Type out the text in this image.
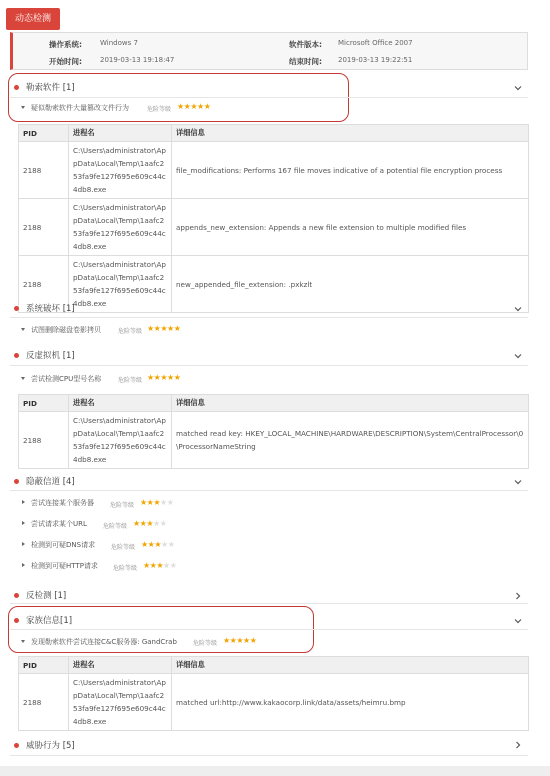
动态检测
操作系统:	Windows 7	软件版本: Microsoft Office 2007
开始时间:	2019-03-13 19:18:47	结束时间: 2019-03-13 19:22:51
勒索软件 [1]
疑似勒索软件大量篡改文件行为	危险等级 ★★★★★
PID	进程名	详细信息
2188	C:\Users\administrator\AppData\Local\Temp\1aafc253fa9fe127f695e609c44c4db8.exe	file_modifications: Performs 167 file moves indicative of a potential file encryption process
2188	C:\Users\administrator\AppData\Local\Temp\1aafc253fa9fe127f695e609c44c4db8.exe	appends_new_extension: Appends a new file extension to multiple modified files
2188	C:\Users\administrator\AppData\Local\Temp\1aafc253fa9fe127f695e609c44c4db8.exe	new_appended_file_extension: .pxkzlt
系统破坏 [1]
试图删除磁盘卷影拷贝	危险等级 ★★★★★
反虚拟机 [1]
尝试检测CPU型号名称	危险等级 ★★★★★
PID	进程名	详细信息
2188	C:\Users\administrator\AppData\Local\Temp\1aafc253fa9fe127f695e609c44c4db8.exe	matched read key: HKEY_LOCAL_MACHINE\HARDWARE\DESCRIPTION\System\CentralProcessor\0\ProcessorNameString
隐蔽信道 [4]
尝试连接某个服务器	危险等级 ★★★★★
尝试请求某个URL	危险等级 ★★★★★
检测到可疑DNS请求	危险等级 ★★★★★
检测到可疑HTTP请求	危险等级 ★★★★★
反检测 [1]
家族信息[1]
发现勒索软件尝试连接C&C服务器: GandCrab	危险等级 ★★★★★
PID	进程名	详细信息
2188	C:\Users\administrator\AppData\Local\Temp\1aafc253fa9fe127f695e609c44c4db8.exe	matched url:http://www.kakaocorp.link/data/assets/heimru.bmp
威胁行为 [5]
